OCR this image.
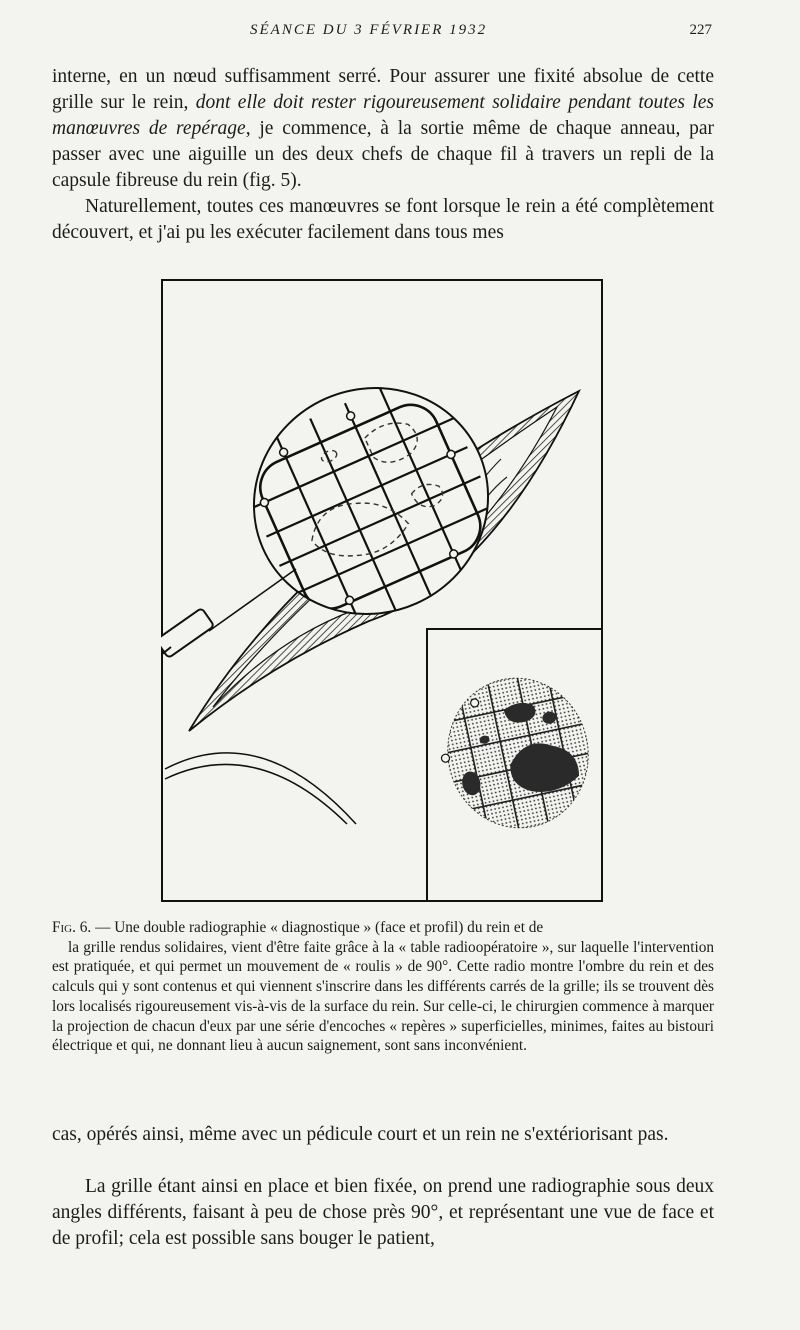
SÉANCE DU 3 FÉVRIER 1932	227

interne, en un nœud suffisamment serré. Pour assurer une fixité absolue de cette grille sur le rein, dont elle doit rester rigoureusement solidaire pendant toutes les manœuvres de repérage, je commence, à la sortie même de chaque anneau, par passer avec une aiguille un des deux chefs de chaque fil à travers un repli de la capsule fibreuse du rein (fig. 5).

Naturellement, toutes ces manœuvres se font lorsque le rein a été complètement découvert, et j'ai pu les exécuter facilement dans tous mes

Fig. 6. — Une double radiographie « diagnostique » (face et profil) du rein et de
la grille rendus solidaires, vient d'être faite grâce à la « table radioopératoire », sur laquelle l'intervention est pratiquée, et qui permet un mouvement de « roulis » de 90°. Cette radio montre l'ombre du rein et des calculs qui y sont contenus et qui viennent s'inscrire dans les différents carrés de la grille; ils se trouvent dès lors localisés rigoureusement vis-à-vis de la surface du rein. Sur celle-ci, le chirurgien commence à marquer la projection de chacun d'eux par une série d'encoches « repères » superficielles, minimes, faites au bistouri électrique et qui, ne donnant lieu à aucun saignement, sont sans inconvénient.

cas, opérés ainsi, même avec un pédicule court et un rein ne s'extériorisant pas.

La grille étant ainsi en place et bien fixée, on prend une radiographie sous deux angles différents, faisant à peu de chose près 90°, et représentant une vue de face et de profil; cela est possible sans bouger le patient,
